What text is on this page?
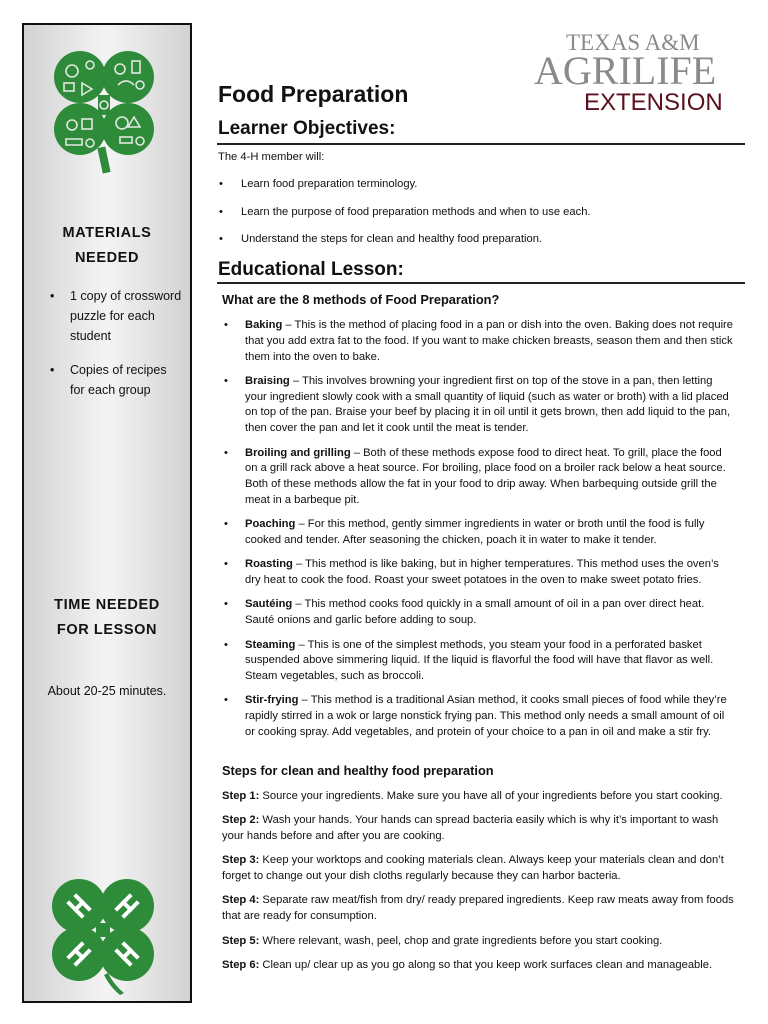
MATERIALS
NEEDED
• 1 copy of crossword puzzle for each student
• Copies of recipes for each group
TIME NEEDED
FOR LESSON
About 20-25 minutes.
TEXAS A&M
AGRILIFE
EXTENSION
Food Preparation
Learner Objectives:
The 4-H member will:
• Learn food preparation terminology.
• Learn the purpose of food preparation methods and when to use each.
• Understand the steps for clean and healthy food preparation.
Educational Lesson:
What are the 8 methods of Food Preparation?
• Baking – This is the method of placing food in a pan or dish into the oven. Baking does not require that you add extra fat to the food. If you want to make chicken breasts, season them and then stick them into the oven to bake.
• Braising – This involves browning your ingredient first on top of the stove in a pan, then letting your ingredient slowly cook with a small quantity of liquid (such as water or broth) with a lid placed on top of the pan. Braise your beef by placing it in oil until it gets brown, then add liquid to the pan, then cover the pan and let it cook until the meat is tender.
• Broiling and grilling – Both of these methods expose food to direct heat. To grill, place the food on a grill rack above a heat source. For broiling, place food on a broiler rack below a heat source. Both of these methods allow the fat in your food to drip away. When barbequing outside grill the meat in a barbeque pit.
• Poaching – For this method, gently simmer ingredients in water or broth until the food is fully cooked and tender. After seasoning the chicken, poach it in water to make it tender.
• Roasting – This method is like baking, but in higher temperatures. This method uses the oven’s dry heat to cook the food. Roast your sweet potatoes in the oven to make sweet potato fries.
• Sautéing – This method cooks food quickly in a small amount of oil in a pan over direct heat. Sauté onions and garlic before adding to soup.
• Steaming – This is one of the simplest methods, you steam your food in a perforated basket suspended above simmering liquid. If the liquid is flavorful the food will have that flavor as well. Steam vegetables, such as broccoli.
• Stir-frying – This method is a traditional Asian method, it cooks small pieces of food while they’re rapidly stirred in a wok or large nonstick frying pan. This method only needs a small amount of oil or cooking spray. Add vegetables, and protein of your choice to a pan in oil and make a stir fry.
Steps for clean and healthy food preparation
Step 1: Source your ingredients. Make sure you have all of your ingredients before you start cooking.
Step 2: Wash your hands. Your hands can spread bacteria easily which is why it’s important to wash your hands before and after you are cooking.
Step 3: Keep your worktops and cooking materials clean. Always keep your materials clean and don’t forget to change out your dish cloths regularly because they can harbor bacteria.
Step 4: Separate raw meat/fish from dry/ ready prepared ingredients. Keep raw meats away from foods that are ready for consumption.
Step 5: Where relevant, wash, peel, chop and grate ingredients before you start cooking.
Step 6: Clean up/ clear up as you go along so that you keep work surfaces clean and manageable.
